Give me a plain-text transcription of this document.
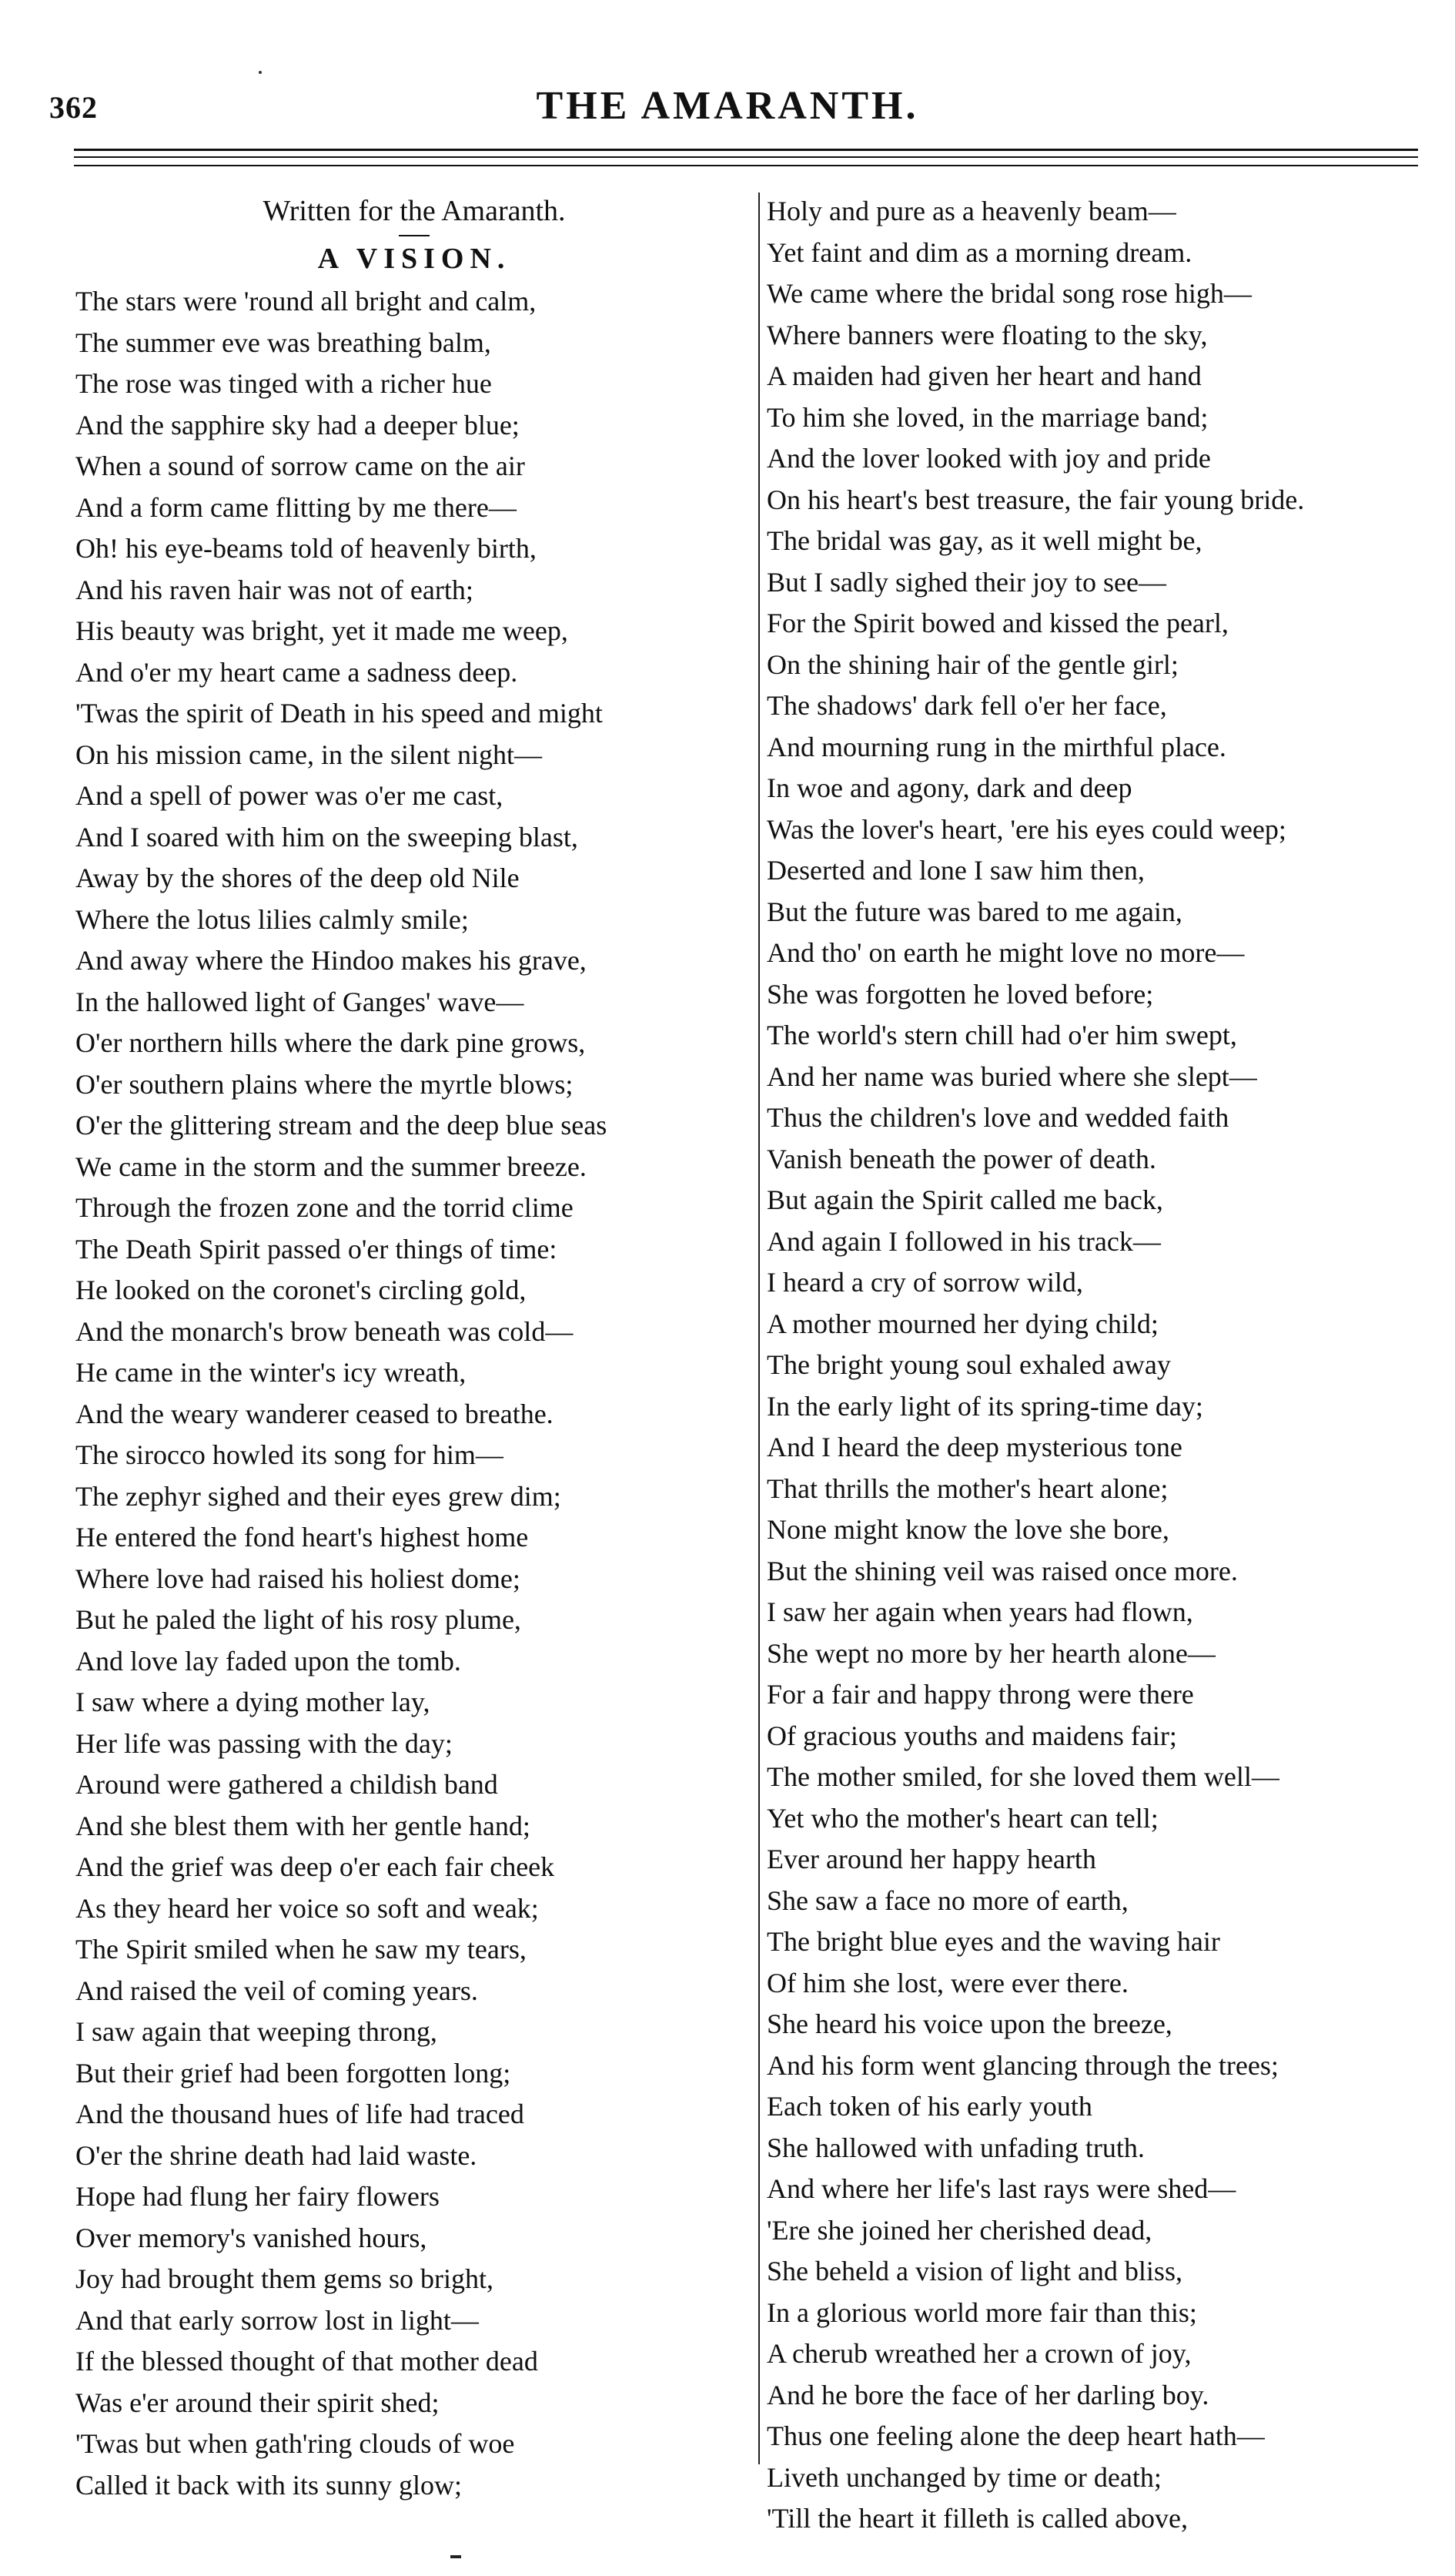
362	THE AMARANTH.
Written for the Amaranth.
A VISION.
The stars were 'round all bright and calm,
The summer eve was breathing balm,
The rose was tinged with a richer hue
And the sapphire sky had a deeper blue;
When a sound of sorrow came on the air
And a form came flitting by me there—
Oh! his eye-beams told of heavenly birth,
And his raven hair was not of earth;
His beauty was bright, yet it made me weep,
And o'er my heart came a sadness deep.
'Twas the spirit of Death in his speed and might
On his mission came, in the silent night—
And a spell of power was o'er me cast,
And I soared with him on the sweeping blast,
Away by the shores of the deep old Nile
Where the lotus lilies calmly smile;
And away where the Hindoo makes his grave,
In the hallowed light of Ganges' wave—
O'er northern hills where the dark pine grows,
O'er southern plains where the myrtle blows;
O'er the glittering stream and the deep blue seas
We came in the storm and the summer breeze.
Through the frozen zone and the torrid clime
The Death Spirit passed o'er things of time:
He looked on the coronet's circling gold,
And the monarch's brow beneath was cold—
He came in the winter's icy wreath,
And the weary wanderer ceased to breathe.
The sirocco howled its song for him—
The zephyr sighed and their eyes grew dim;
He entered the fond heart's highest home
Where love had raised his holiest dome;
But he paled the light of his rosy plume,
And love lay faded upon the tomb.
I saw where a dying mother lay,
Her life was passing with the day;
Around were gathered a childish band
And she blest them with her gentle hand;
And the grief was deep o'er each fair cheek
As they heard her voice so soft and weak;
The Spirit smiled when he saw my tears,
And raised the veil of coming years.
I saw again that weeping throng,
But their grief had been forgotten long;
And the thousand hues of life had traced
O'er the shrine death had laid waste.
Hope had flung her fairy flowers
Over memory's vanished hours,
Joy had brought them gems so bright,
And that early sorrow lost in light—
If the blessed thought of that mother dead
Was e'er around their spirit shed;
'Twas but when gath'ring clouds of woe
Called it back with its sunny glow;
Holy and pure as a heavenly beam—
Yet faint and dim as a morning dream.
We came where the bridal song rose high—
Where banners were floating to the sky,
A maiden had given her heart and hand
To him she loved, in the marriage band;
And the lover looked with joy and pride
On his heart's best treasure, the fair young bride.
The bridal was gay, as it well might be,
But I sadly sighed their joy to see—
For the Spirit bowed and kissed the pearl,
On the shining hair of the gentle girl;
The shadows' dark fell o'er her face,
And mourning rung in the mirthful place.
In woe and agony, dark and deep
Was the lover's heart, 'ere his eyes could weep;
Deserted and lone I saw him then,
But the future was bared to me again,
And tho' on earth he might love no more—
She was forgotten he loved before;
The world's stern chill had o'er him swept,
And her name was buried where she slept—
Thus the children's love and wedded faith
Vanish beneath the power of death.
But again the Spirit called me back,
And again I followed in his track—
I heard a cry of sorrow wild,
A mother mourned her dying child;
The bright young soul exhaled away
In the early light of its spring-time day;
And I heard the deep mysterious tone
That thrills the mother's heart alone;
None might know the love she bore,
But the shining veil was raised once more.
I saw her again when years had flown,
She wept no more by her hearth alone—
For a fair and happy throng were there
Of gracious youths and maidens fair;
The mother smiled, for she loved them well—
Yet who the mother's heart can tell;
Ever around her happy hearth
She saw a face no more of earth,
The bright blue eyes and the waving hair
Of him she lost, were ever there.
She heard his voice upon the breeze,
And his form went glancing through the trees;
Each token of his early youth
She hallowed with unfading truth.
And where her life's last rays were shed—
'Ere she joined her cherished dead,
She beheld a vision of light and bliss,
In a glorious world more fair than this;
A cherub wreathed her a crown of joy,
And he bore the face of her darling boy.
Thus one feeling alone the deep heart hath—
Liveth unchanged by time or death;
'Till the heart it filleth is called above,
